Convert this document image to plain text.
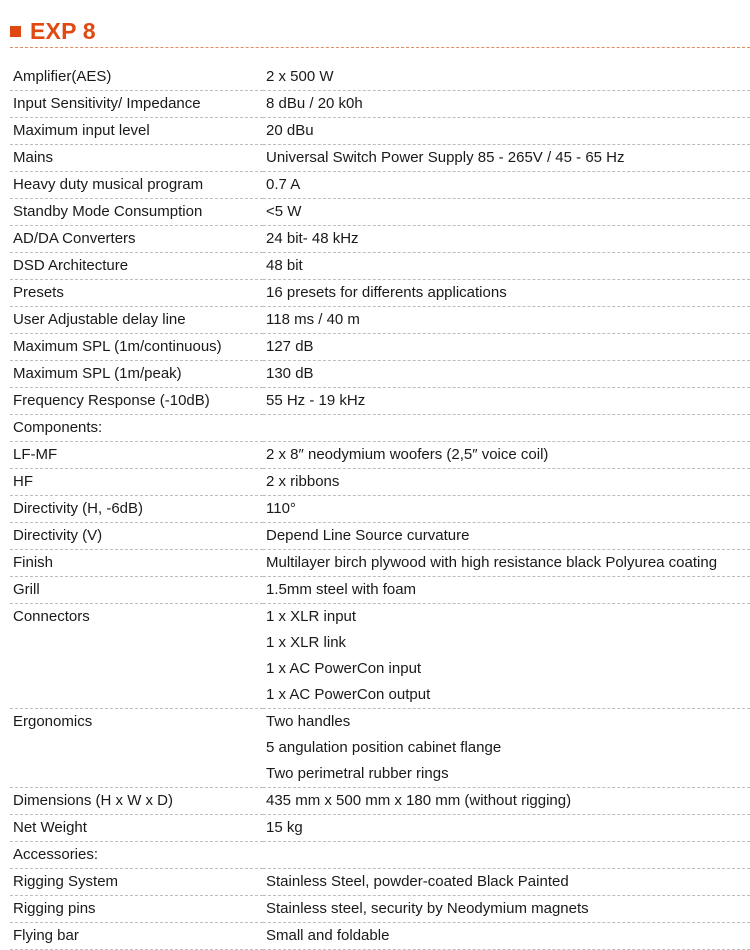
EXP 8
Amplifier(AES)	2 x 500 W

Input Sensitivity/ Impedance	8 dBu / 20 k0h

Maximum input level	20 dBu

Mains	Universal Switch Power Supply 85 - 265V / 45 - 65 Hz

Heavy duty musical program	0.7 A

Standby Mode Consumption	<5 W

AD/DA Converters	24 bit- 48 kHz

DSD Architecture	48 bit

Presets	16 presets for differents applications

User Adjustable delay line	118 ms / 40 m

Maximum SPL (1m/continuous)	127 dB

Maximum SPL (1m/peak)	130 dB

Frequency Response (-10dB)	55 Hz - 19 kHz

Components:	

LF-MF	2 x 8″ neodymium woofers (2,5″ voice coil)

HF	2 x ribbons

Directivity (H, -6dB)	110°

Directivity (V)	Depend Line Source curvature

Finish	Multilayer birch plywood with high resistance black Polyurea coating

Grill	1.5mm steel with foam

Connectors	1 x XLR input
1 x XLR link
1 x AC PowerCon input
1 x AC PowerCon output

Ergonomics	Two handles
5 angulation position cabinet flange
Two perimetral rubber rings

Dimensions (H x W x D)	435 mm x 500 mm x 180 mm (without rigging)

Net Weight	15 kg

Accessories:	

Rigging System	Stainless Steel, powder-coated Black Painted

Rigging pins	Stainless steel, security by Neodymium magnets

Flying bar	Small and foldable
